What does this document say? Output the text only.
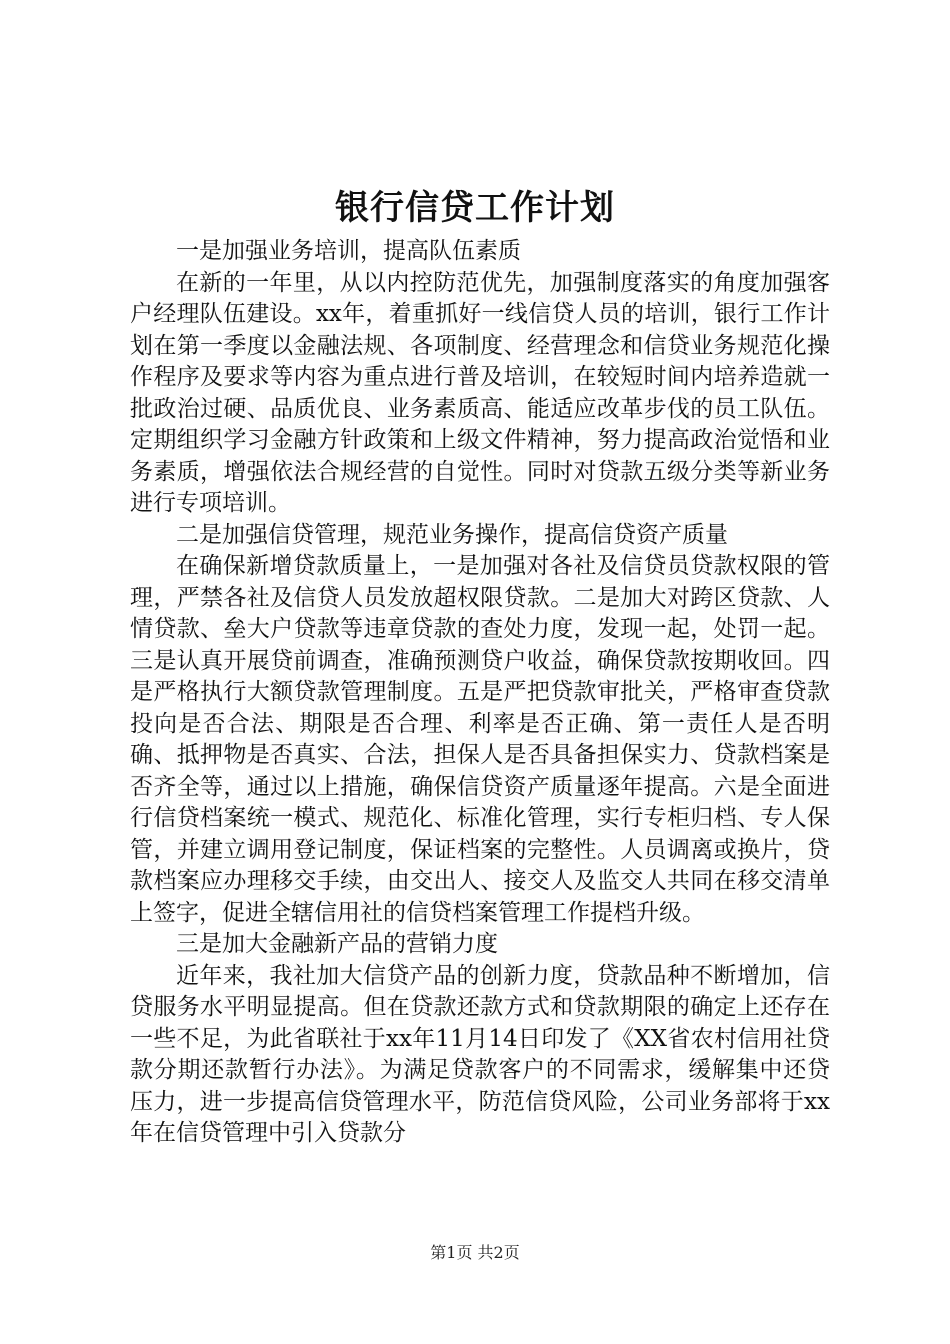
银行信贷工作计划

一是加强业务培训，提高队伍素质

在新的一年里，从以内控防范优先，加强制度落实的角度加强客户经理队伍建设。xx年，着重抓好一线信贷人员的培训，银行工作计划在第一季度以金融法规、各项制度、经营理念和信贷业务规范化操作程序及要求等内容为重点进行普及培训，在较短时间内培养造就一批政治过硬、品质优良、业务素质高、能适应改革步伐的员工队伍。定期组织学习金融方针政策和上级文件精神，努力提高政治觉悟和业务素质，增强依法合规经营的自觉性。同时对贷款五级分类等新业务进行专项培训。

二是加强信贷管理，规范业务操作，提高信贷资产质量

在确保新增贷款质量上，一是加强对各社及信贷员贷款权限的管理，严禁各社及信贷人员发放超权限贷款。二是加大对跨区贷款、人情贷款、垒大户贷款等违章贷款的查处力度，发现一起，处罚一起。三是认真开展贷前调查，准确预测贷户收益，确保贷款按期收回。四是严格执行大额贷款管理制度。五是严把贷款审批关，严格审查贷款投向是否合法、期限是否合理、利率是否正确、第一责任人是否明确、抵押物是否真实、合法，担保人是否具备担保实力、贷款档案是否齐全等，通过以上措施，确保信贷资产质量逐年提高。六是全面进行信贷档案统一模式、规范化、标准化管理，实行专柜归档、专人保管，并建立调用登记制度，保证档案的完整性。人员调离或换片，贷款档案应办理移交手续，由交出人、接交人及监交人共同在移交清单上签字，促进全辖信用社的信贷档案管理工作提档升级。

三是加大金融新产品的营销力度

近年来，我社加大信贷产品的创新力度，贷款品种不断增加，信贷服务水平明显提高。但在贷款还款方式和贷款期限的确定上还存在一些不足，为此省联社于xx年11月14日印发了《XX省农村信用社贷款分期还款暂行办法》。为满足贷款客户的不同需求，缓解集中还贷压力，进一步提高信贷管理水平，防范信贷风险，公司业务部将于xx年在信贷管理中引入贷款分

第1页 共2页
